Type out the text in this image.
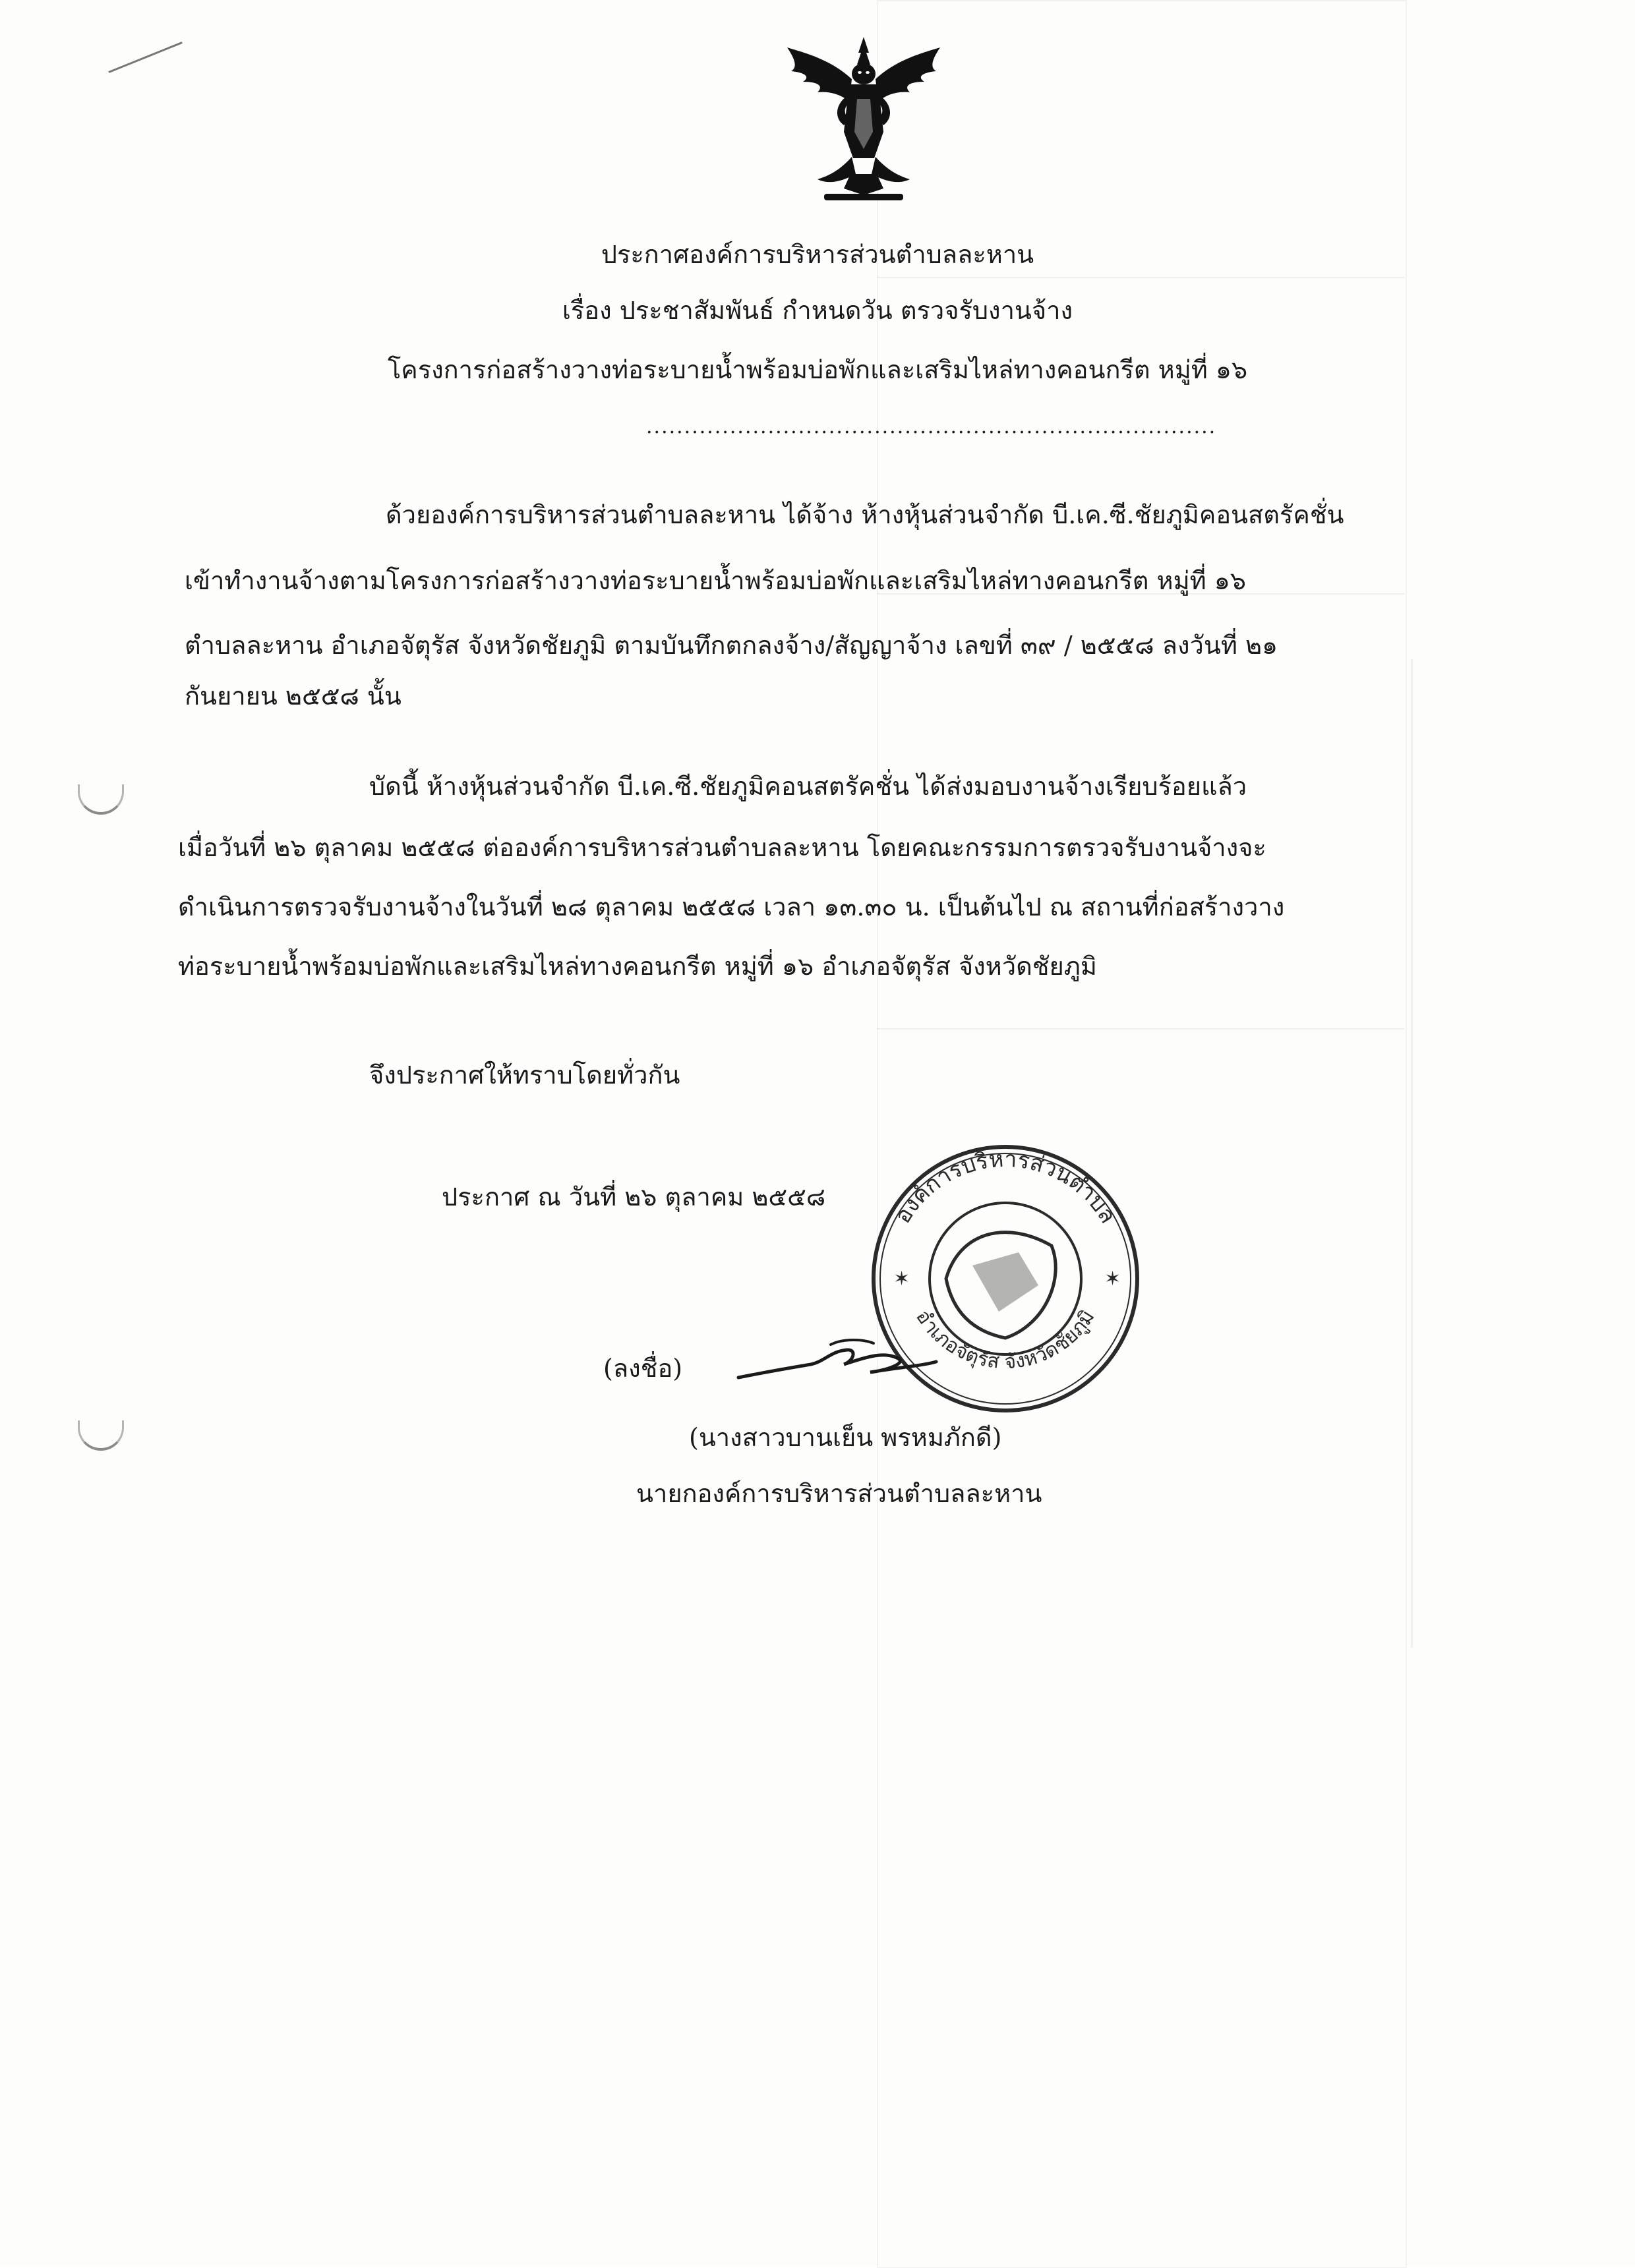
ประกาศองค์การบริหารส่วนตำบลละหาน
เรื่อง ประชาสัมพันธ์ กำหนดวัน ตรวจรับงานจ้าง
โครงการก่อสร้างวางท่อระบายน้ำพร้อมบ่อพักและเสริมไหล่ทางคอนกรีต หมู่ที่ ๑๖
...........................................................................
ด้วยองค์การบริหารส่วนตำบลละหาน ได้จ้าง ห้างหุ้นส่วนจำกัด บี.เค.ซี.ชัยภูมิคอนสตรัคชั่น
เข้าทำงานจ้างตามโครงการก่อสร้างวางท่อระบายน้ำพร้อมบ่อพักและเสริมไหล่ทางคอนกรีต หมู่ที่ ๑๖
ตำบลละหาน อำเภอจัตุรัส จังหวัดชัยภูมิ ตามบันทึกตกลงจ้าง/สัญญาจ้าง เลขที่ ๓๙ / ๒๕๕๘ ลงวันที่ ๒๑
กันยายน ๒๕๕๘ นั้น
บัดนี้ ห้างหุ้นส่วนจำกัด บี.เค.ซี.ชัยภูมิคอนสตรัคชั่น ได้ส่งมอบงานจ้างเรียบร้อยแล้ว
เมื่อวันที่ ๒๖ ตุลาคม ๒๕๕๘ ต่อองค์การบริหารส่วนตำบลละหาน โดยคณะกรรมการตรวจรับงานจ้างจะ
ดำเนินการตรวจรับงานจ้างในวันที่ ๒๘ ตุลาคม ๒๕๕๘ เวลา ๑๓.๓๐ น. เป็นต้นไป ณ สถานที่ก่อสร้างวาง
ท่อระบายน้ำพร้อมบ่อพักและเสริมไหล่ทางคอนกรีต หมู่ที่ ๑๖ อำเภอจัตุรัส จังหวัดชัยภูมิ
จึงประกาศให้ทราบโดยทั่วกัน
ประกาศ ณ วันที่ ๒๖ ตุลาคม ๒๕๕๘
องค์การบริหารส่วนตำบล
อำเภอจัตุรัส จังหวัดชัยภูมิ
✶	✶
(ลงชื่อ)
(นางสาวบานเย็น พรหมภักดี)
นายกองค์การบริหารส่วนตำบลละหาน
